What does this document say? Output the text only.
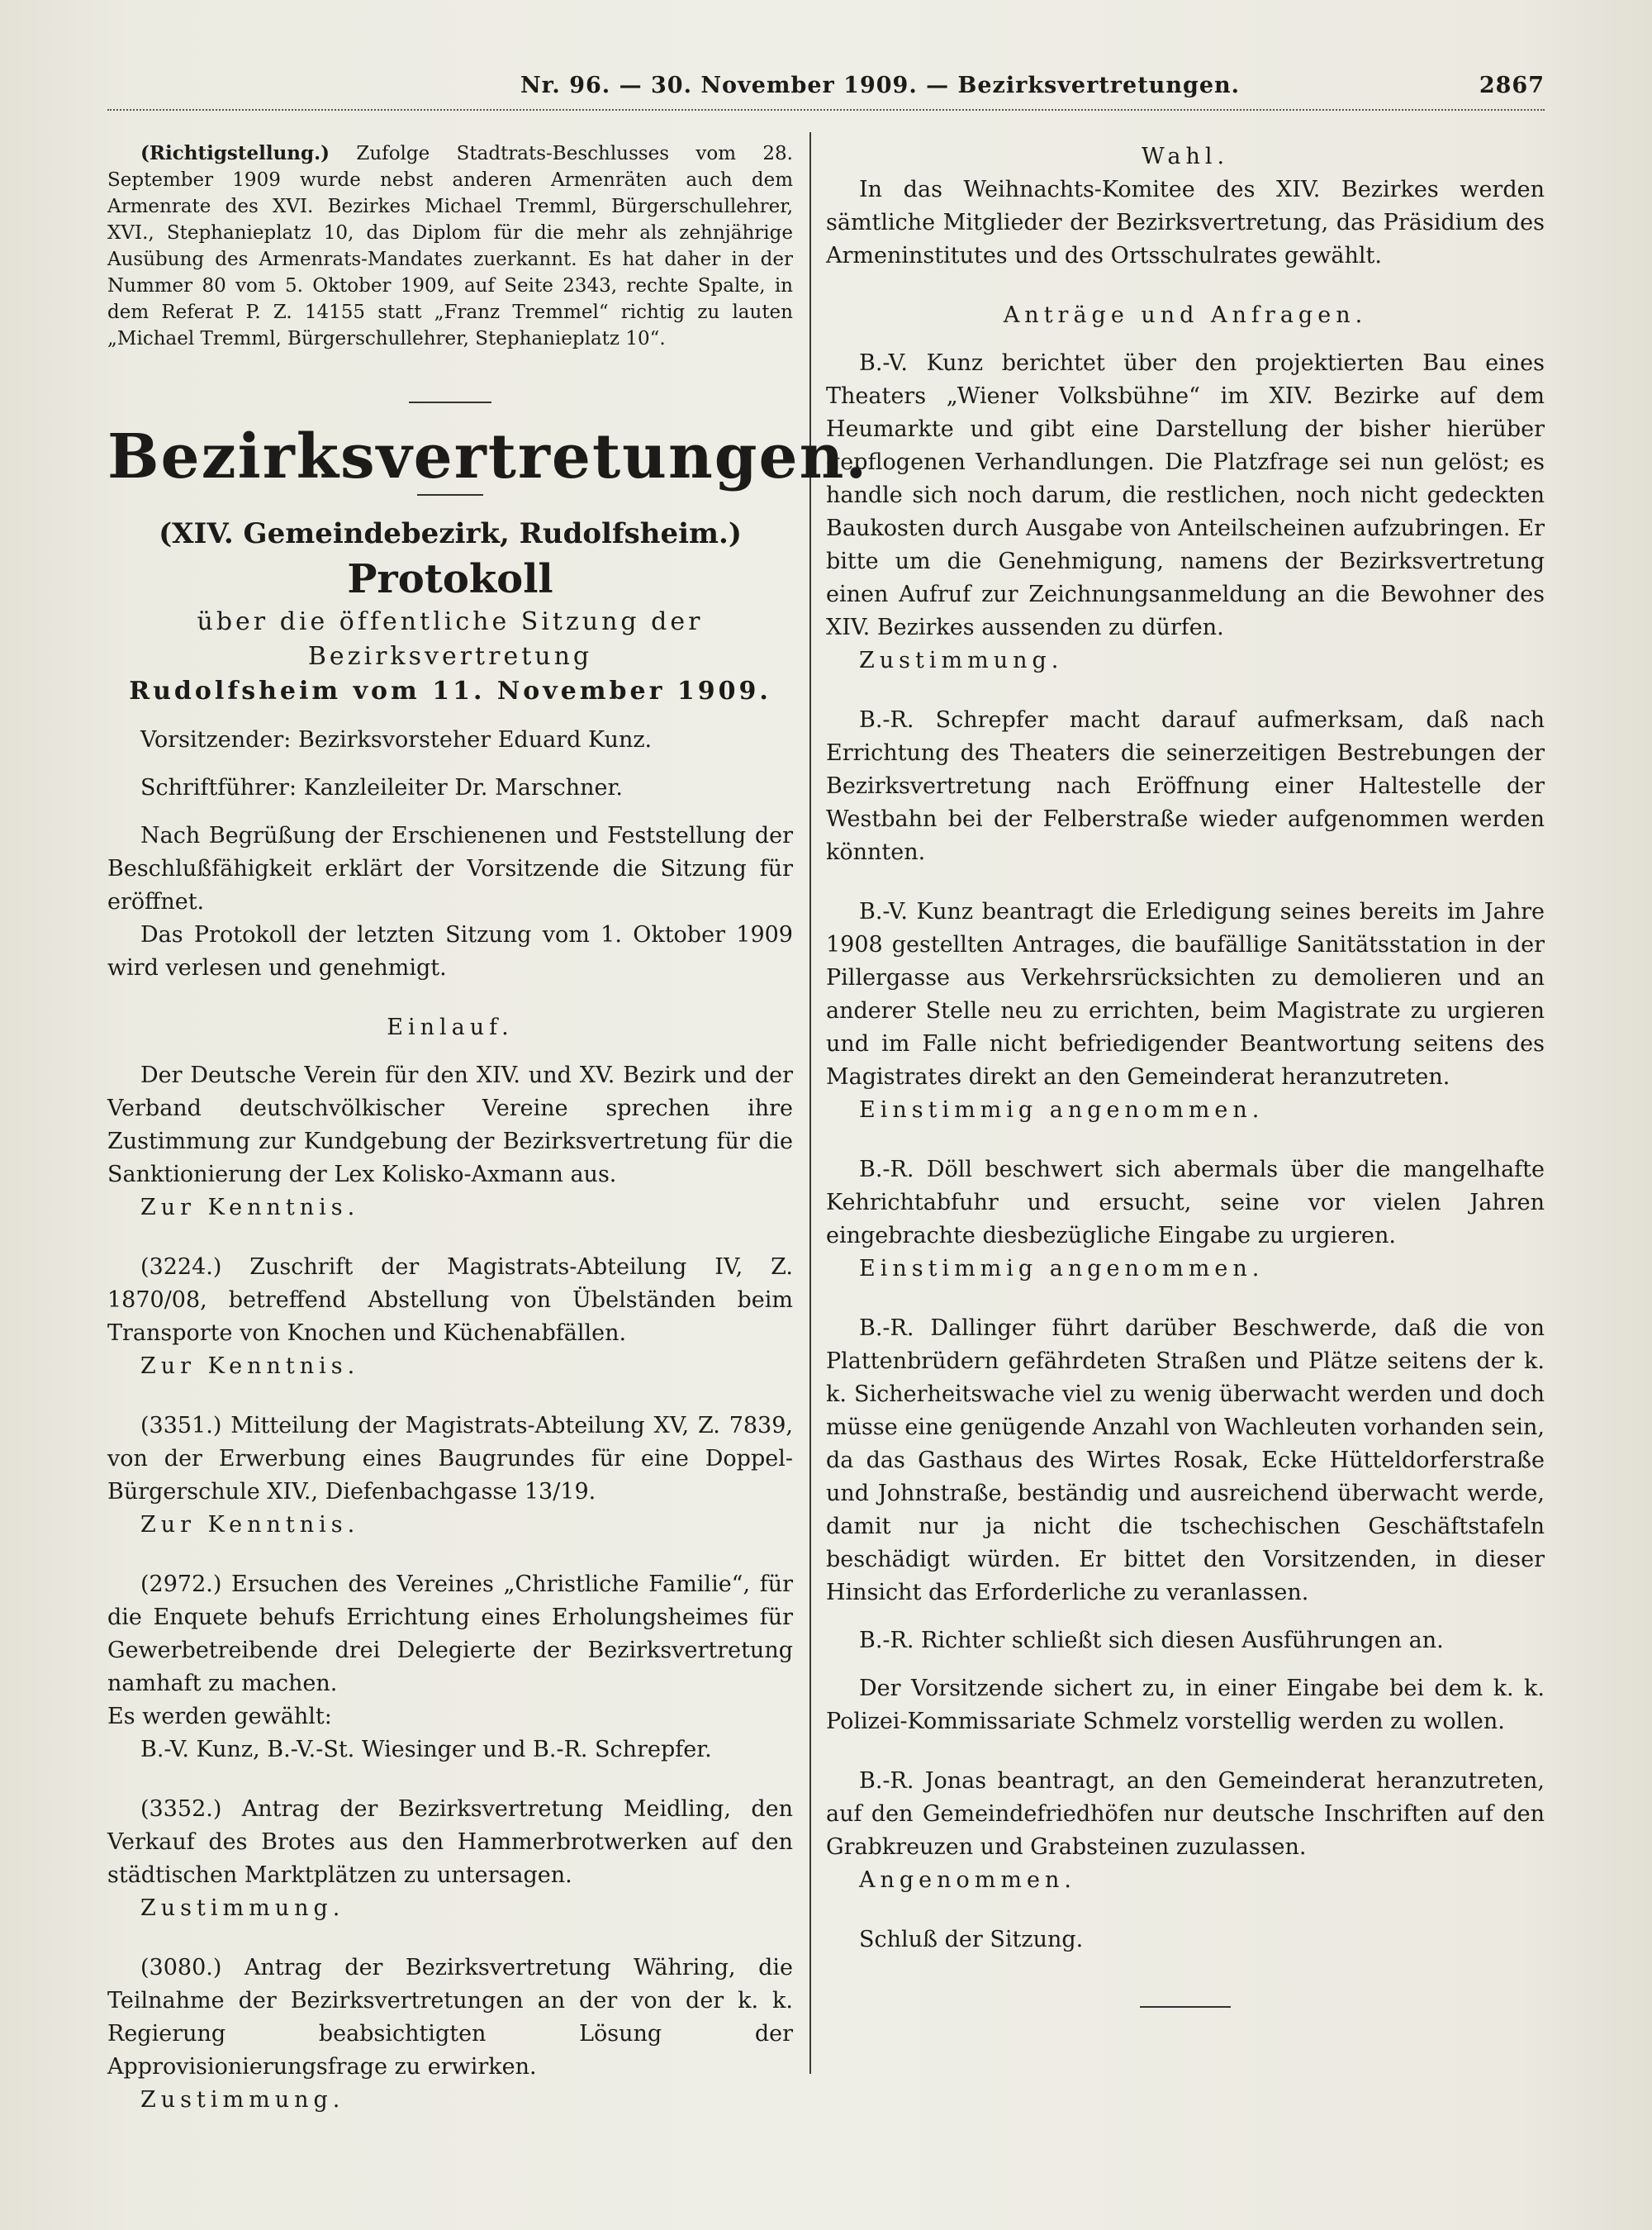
Nr. 96. — 30. November 1909. — Bezirksvertretungen.	2867

(Richtigstellung.) Zufolge Stadtrats-Beschlusses vom 28. September 1909 wurde nebst anderen Armenräten auch dem Armenrate des XVI. Bezirkes Michael Tremml, Bürgerschullehrer, XVI., Stephanieplatz 10, das Diplom für die mehr als zehnjährige Ausübung des Armenrats-Mandates zuerkannt. Es hat daher in der Nummer 80 vom 5. Oktober 1909, auf Seite 2343, rechte Spalte, in dem Referat P. Z. 14155 statt „Franz Tremmel“ richtig zu lauten „Michael Tremml, Bürgerschullehrer, Stephanieplatz 10“.

Bezirksvertretungen.
(XIV. Gemeindebezirk, Rudolfsheim.)
Protokoll
über die öffentliche Sitzung der Bezirksvertretung
Rudolfsheim vom 11. November 1909.

Vorsitzender: Bezirksvorsteher Eduard Kunz.

Schriftführer: Kanzleileiter Dr. Marschner.

Nach Begrüßung der Erschienenen und Feststellung der Beschlußfähigkeit erklärt der Vorsitzende die Sitzung für eröffnet.

Das Protokoll der letzten Sitzung vom 1. Oktober 1909 wird verlesen und genehmigt.

Einlauf.

Der Deutsche Verein für den XIV. und XV. Bezirk und der Verband deutschvölkischer Vereine sprechen ihre Zustimmung zur Kundgebung der Bezirksvertretung für die Sanktionierung der Lex Kolisko-Axmann aus.

Zur Kenntnis.

(3224.) Zuschrift der Magistrats-Abteilung IV, Z. 1870/08, betreffend Abstellung von Übelständen beim Transporte von Knochen und Küchenabfällen.

Zur Kenntnis.

(3351.) Mitteilung der Magistrats-Abteilung XV, Z. 7839, von der Erwerbung eines Baugrundes für eine Doppel-Bürgerschule XIV., Diefenbachgasse 13/19.

Zur Kenntnis.

(2972.) Ersuchen des Vereines „Christliche Familie“, für die Enquete behufs Errichtung eines Erholungsheimes für Gewerbetreibende drei Delegierte der Bezirksvertretung namhaft zu machen.

Es werden gewählt:

B.-V. Kunz, B.-V.-St. Wiesinger und B.-R. Schrepfer.

(3352.) Antrag der Bezirksvertretung Meidling, den Verkauf des Brotes aus den Hammerbrotwerken auf den städtischen Marktplätzen zu untersagen.

Zustimmung.

(3080.) Antrag der Bezirksvertretung Währing, die Teilnahme der Bezirksvertretungen an der von der k. k. Regierung beabsichtigten Lösung der Approvisionierungsfrage zu erwirken.

Zustimmung.

Wahl.

In das Weihnachts-Komitee des XIV. Bezirkes werden sämtliche Mitglieder der Bezirksvertretung, das Präsidium des Armeninstitutes und des Ortsschulrates gewählt.

Anträge und Anfragen.

B.-V. Kunz berichtet über den projektierten Bau eines Theaters „Wiener Volksbühne“ im XIV. Bezirke auf dem Heumarkte und gibt eine Darstellung der bisher hierüber gepflogenen Verhandlungen. Die Platzfrage sei nun gelöst; es handle sich noch darum, die restlichen, noch nicht gedeckten Baukosten durch Ausgabe von Anteilscheinen aufzubringen. Er bitte um die Genehmigung, namens der Bezirksvertretung einen Aufruf zur Zeichnungsanmeldung an die Bewohner des XIV. Bezirkes aussenden zu dürfen.

Zustimmung.

B.-R. Schrepfer macht darauf aufmerksam, daß nach Errichtung des Theaters die seinerzeitigen Bestrebungen der Bezirksvertretung nach Eröffnung einer Haltestelle der Westbahn bei der Felberstraße wieder aufgenommen werden könnten.

B.-V. Kunz beantragt die Erledigung seines bereits im Jahre 1908 gestellten Antrages, die baufällige Sanitätsstation in der Pillergasse aus Verkehrsrücksichten zu demolieren und an anderer Stelle neu zu errichten, beim Magistrate zu urgieren und im Falle nicht befriedigender Beantwortung seitens des Magistrates direkt an den Gemeinderat heranzutreten.

Einstimmig angenommen.

B.-R. Döll beschwert sich abermals über die mangelhafte Kehrichtabfuhr und ersucht, seine vor vielen Jahren eingebrachte diesbezügliche Eingabe zu urgieren.

Einstimmig angenommen.

B.-R. Dallinger führt darüber Beschwerde, daß die von Plattenbrüdern gefährdeten Straßen und Plätze seitens der k. k. Sicherheitswache viel zu wenig überwacht werden und doch müsse eine genügende Anzahl von Wachleuten vorhanden sein, da das Gasthaus des Wirtes Rosak, Ecke Hütteldorferstraße und Johnstraße, beständig und ausreichend überwacht werde, damit nur ja nicht die tschechischen Geschäftstafeln beschädigt würden. Er bittet den Vorsitzenden, in dieser Hinsicht das Erforderliche zu veranlassen.

B.-R. Richter schließt sich diesen Ausführungen an.

Der Vorsitzende sichert zu, in einer Eingabe bei dem k. k. Polizei-Kommissariate Schmelz vorstellig werden zu wollen.

B.-R. Jonas beantragt, an den Gemeinderat heranzutreten, auf den Gemeindefriedhöfen nur deutsche Inschriften auf den Grabkreuzen und Grabsteinen zuzulassen.

Angenommen.

Schluß der Sitzung.
